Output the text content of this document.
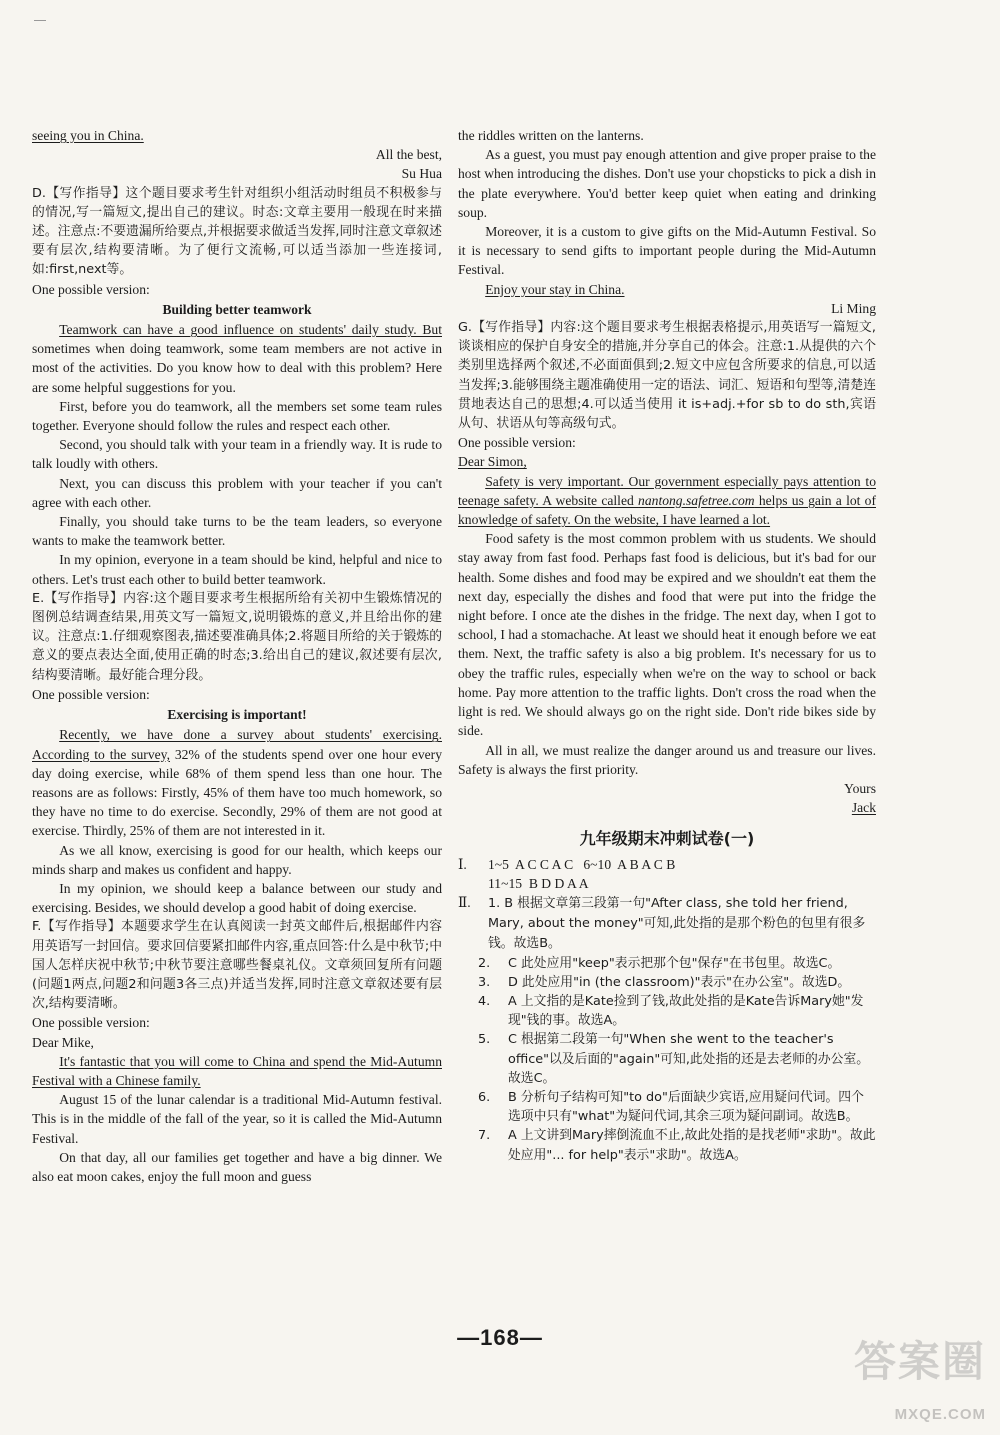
seeing you in China.

All the best,

Su Hua

D.【写作指导】这个题目要求考生针对组织小组活动时组员不积极参与的情况,写一篇短文,提出自己的建议。时态:文章主要用一般现在时来描述。注意点:不要遗漏所给要点,并根据要求做适当发挥,同时注意文章叙述要有层次,结构要清晰。为了便行文流畅,可以适当添加一些连接词,如:first,next等。

One possible version:

Building better teamwork

Teamwork can have a good influence on students' daily study. But sometimes when doing teamwork, some team members are not active in most of the activities. Do you know how to deal with this problem? Here are some helpful suggestions for you.

First, before you do teamwork, all the members set some team rules together. Everyone should follow the rules and respect each other.

Second, you should talk with your team in a friendly way. It is rude to talk loudly with others.

Next, you can discuss this problem with your teacher if you can't agree with each other.

Finally, you should take turns to be the team leaders, so everyone wants to make the teamwork better.

In my opinion, everyone in a team should be kind, helpful and nice to others. Let's trust each other to build better teamwork.

E.【写作指导】内容:这个题目要求考生根据所给有关初中生锻炼情况的图例总结调查结果,用英文写一篇短文,说明锻炼的意义,并且给出你的建议。注意点:1.仔细观察图表,描述要准确具体;2.将题目所给的关于锻炼的意义的要点表达全面,使用正确的时态;3.给出自己的建议,叙述要有层次,结构要清晰。最好能合理分段。

One possible version:

Exercising is important!

Recently, we have done a survey about students' exercising. According to the survey, 32% of the students spend over one hour every day doing exercise, while 68% of them spend less than one hour. The reasons are as follows: Firstly, 45% of them have too much homework, so they have no time to do exercise. Secondly, 29% of them are not good at exercise. Thirdly, 25% of them are not interested in it.

As we all know, exercising is good for our health, which keeps our minds sharp and makes us confident and happy.

In my opinion, we should keep a balance between our study and exercising. Besides, we should develop a good habit of doing exercise.

F.【写作指导】本题要求学生在认真阅读一封英文邮件后,根据邮件内容用英语写一封回信。要求回信要紧扣邮件内容,重点回答:什么是中秋节;中国人怎样庆祝中秋节;中秋节要注意哪些餐桌礼仪。文章须回复所有问题(问题1两点,问题2和问题3各三点)并适当发挥,同时注意文章叙述要有层次,结构要清晰。

One possible version:

Dear Mike,

It's fantastic that you will come to China and spend the Mid-Autumn Festival with a Chinese family.

August 15 of the lunar calendar is a traditional Mid-Autumn festival. This is in the middle of the fall of the year, so it is called the Mid-Autumn Festival.

On that day, all our families get together and have a big dinner. We also eat moon cakes, enjoy the full moon and guess

the riddles written on the lanterns.

As a guest, you must pay enough attention and give proper praise to the host when introducing the dishes. Don't use your chopsticks to pick a dish in the plate everywhere. You'd better keep quiet when eating and drinking soup.

Moreover, it is a custom to give gifts on the Mid-Autumn Festival. So it is necessary to send gifts to important people during the Mid-Autumn Festival.

Enjoy your stay in China.

Li Ming

G.【写作指导】内容:这个题目要求考生根据表格提示,用英语写一篇短文,谈谈相应的保护自身安全的措施,并分享自己的体会。注意:1.从提供的六个类别里选择两个叙述,不必面面俱到;2.短文中应包含所要求的信息,可以适当发挥;3.能够围绕主题准确使用一定的语法、词汇、短语和句型等,清楚连贯地表达自己的思想;4.可以适当使用 it is+adj.+for sb to do sth,宾语从句、状语从句等高级句式。

One possible version:

Dear Simon,

Safety is very important. Our government especially pays attention to teenage safety. A website called nantong.safetree.com helps us gain a lot of knowledge of safety. On the website, I have learned a lot.

Food safety is the most common problem with us students. We should stay away from fast food. Perhaps fast food is delicious, but it's bad for our health. Some dishes and food may be expired and we shouldn't eat them the next day, especially the dishes and food that were put into the fridge the night before. I once ate the dishes in the fridge. The next day, when I got to school, I had a stomachache. At least we should heat it enough before we eat them. Next, the traffic safety is also a big problem. It's necessary for us to obey the traffic rules, especially when we're on the way to school or back home. Pay more attention to the traffic lights. Don't cross the road when the light is red. We should always go on the right side. Don't ride bikes side by side.

All in all, we must realize the danger around us and treasure our lives. Safety is always the first priority.

Yours

Jack

九年级期末冲刺试卷(一)
Ⅰ.	1~5  A C C A C   6~10  A B A C B
11~15  B D D A A
Ⅱ.	1. B 根据文章第三段第一句"After class, she told her friend, Mary, about the money"可知,此处指的是那个粉色的包里有很多钱。故选B。
2.	C 此处应用"keep"表示把那个包"保存"在书包里。故选C。
3.	D 此处应用"in (the classroom)"表示"在办公室"。故选D。
4.	A 上文指的是Kate捡到了钱,故此处指的是Kate告诉Mary她"发现"钱的事。故选A。
5.	C 根据第二段第一句"When she went to the teacher's office"以及后面的"again"可知,此处指的还是去老师的办公室。故选C。
6.	B 分析句子结构可知"to do"后面缺少宾语,应用疑问代词。四个选项中只有"what"为疑问代词,其余三项为疑问副词。故选B。
7.	A 上文讲到Mary摔倒流血不止,故此处指的是找老师"求助"。故此处应用"... for help"表示"求助"。故选A。
—168—	答案圈
MXQE.COM
